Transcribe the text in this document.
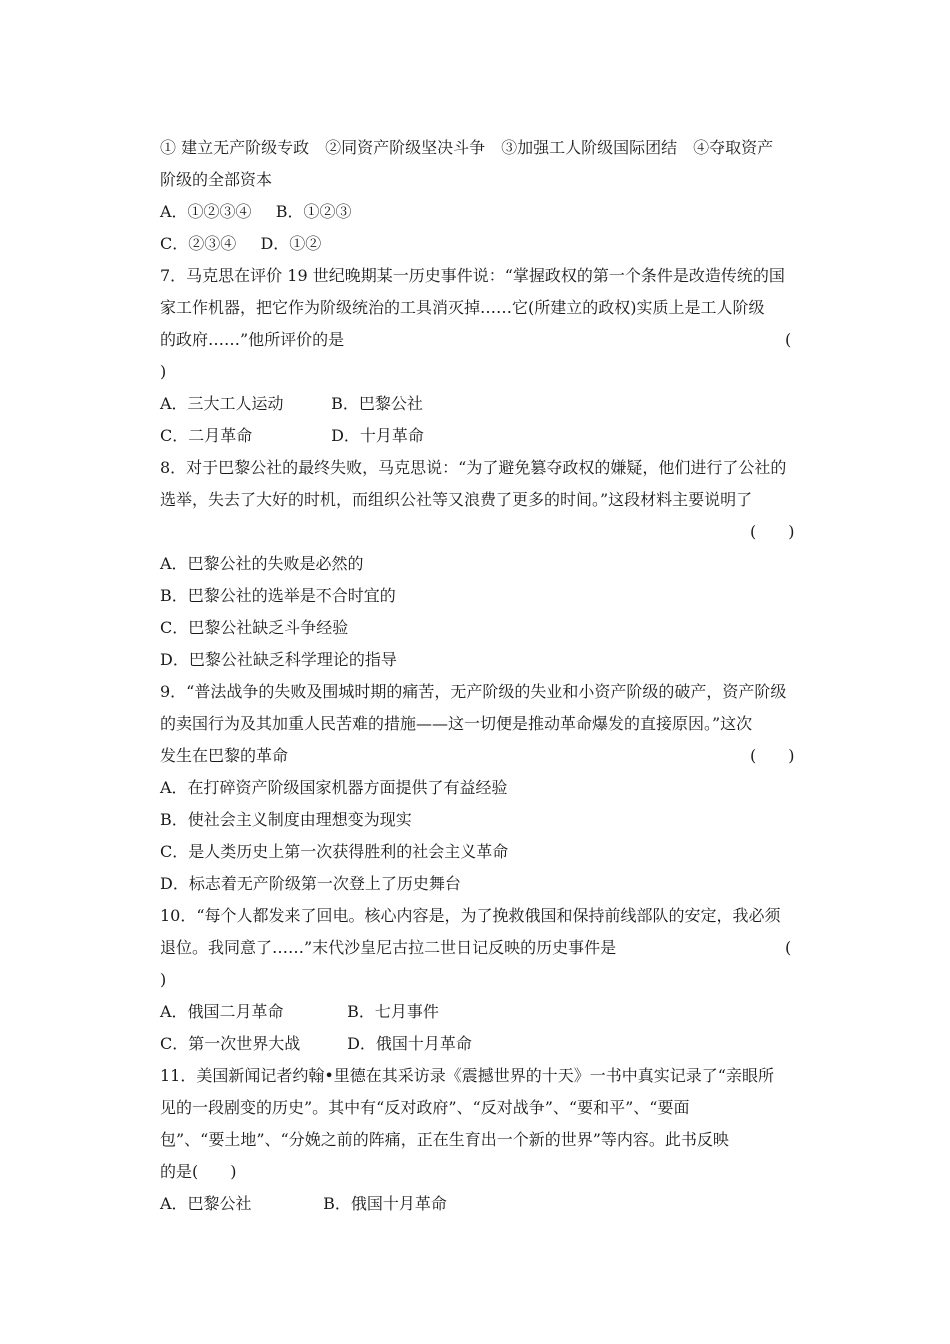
① 建立无产阶级专政　②同资产阶级坚决斗争　③加强工人阶级国际团结　④夺取资产
阶级的全部资本
A．①②③④ B．①②③
C．②③④ D．①②
7．马克思在评价 19 世纪晚期某一历史事件说：“掌握政权的第一个条件是改造传统的国
家工作机器，把它作为阶级统治的工具消灭掉……它(所建立的政权)实质上是工人阶级
的政府……”他所评价的是	(
)
A．三大工人运动	B．巴黎公社
C．二月革命	D．十月革命
8．对于巴黎公社的最终失败，马克思说：“为了避免篡夺政权的嫌疑，他们进行了公社的
选举，失去了大好的时机，而组织公社等又浪费了更多的时间。”这段材料主要说明了
(　　)
A．巴黎公社的失败是必然的
B．巴黎公社的选举是不合时宜的
C．巴黎公社缺乏斗争经验
D．巴黎公社缺乏科学理论的指导
9．“普法战争的失败及围城时期的痛苦，无产阶级的失业和小资产阶级的破产，资产阶级
的卖国行为及其加重人民苦难的措施——这一切便是推动革命爆发的直接原因。”这次
发生在巴黎的革命	(　　)
A．在打碎资产阶级国家机器方面提供了有益经验
B．使社会主义制度由理想变为现实
C．是人类历史上第一次获得胜利的社会主义革命
D．标志着无产阶级第一次登上了历史舞台
10．“每个人都发来了回电。核心内容是，为了挽救俄国和保持前线部队的安定，我必须
退位。我同意了……”末代沙皇尼古拉二世日记反映的历史事件是	(
)
A．俄国二月革命	B．七月事件
C．第一次世界大战	D．俄国十月革命
11．美国新闻记者约翰•里德在其采访录《震撼世界的十天》一书中真实记录了“亲眼所
见的一段剧变的历史”。其中有“反对政府”、“反对战争”、“要和平”、“要面
包”、“要土地”、“分娩之前的阵痛，正在生育出一个新的世界”等内容。此书反映
的是(　　)
A．巴黎公社	B．俄国十月革命
